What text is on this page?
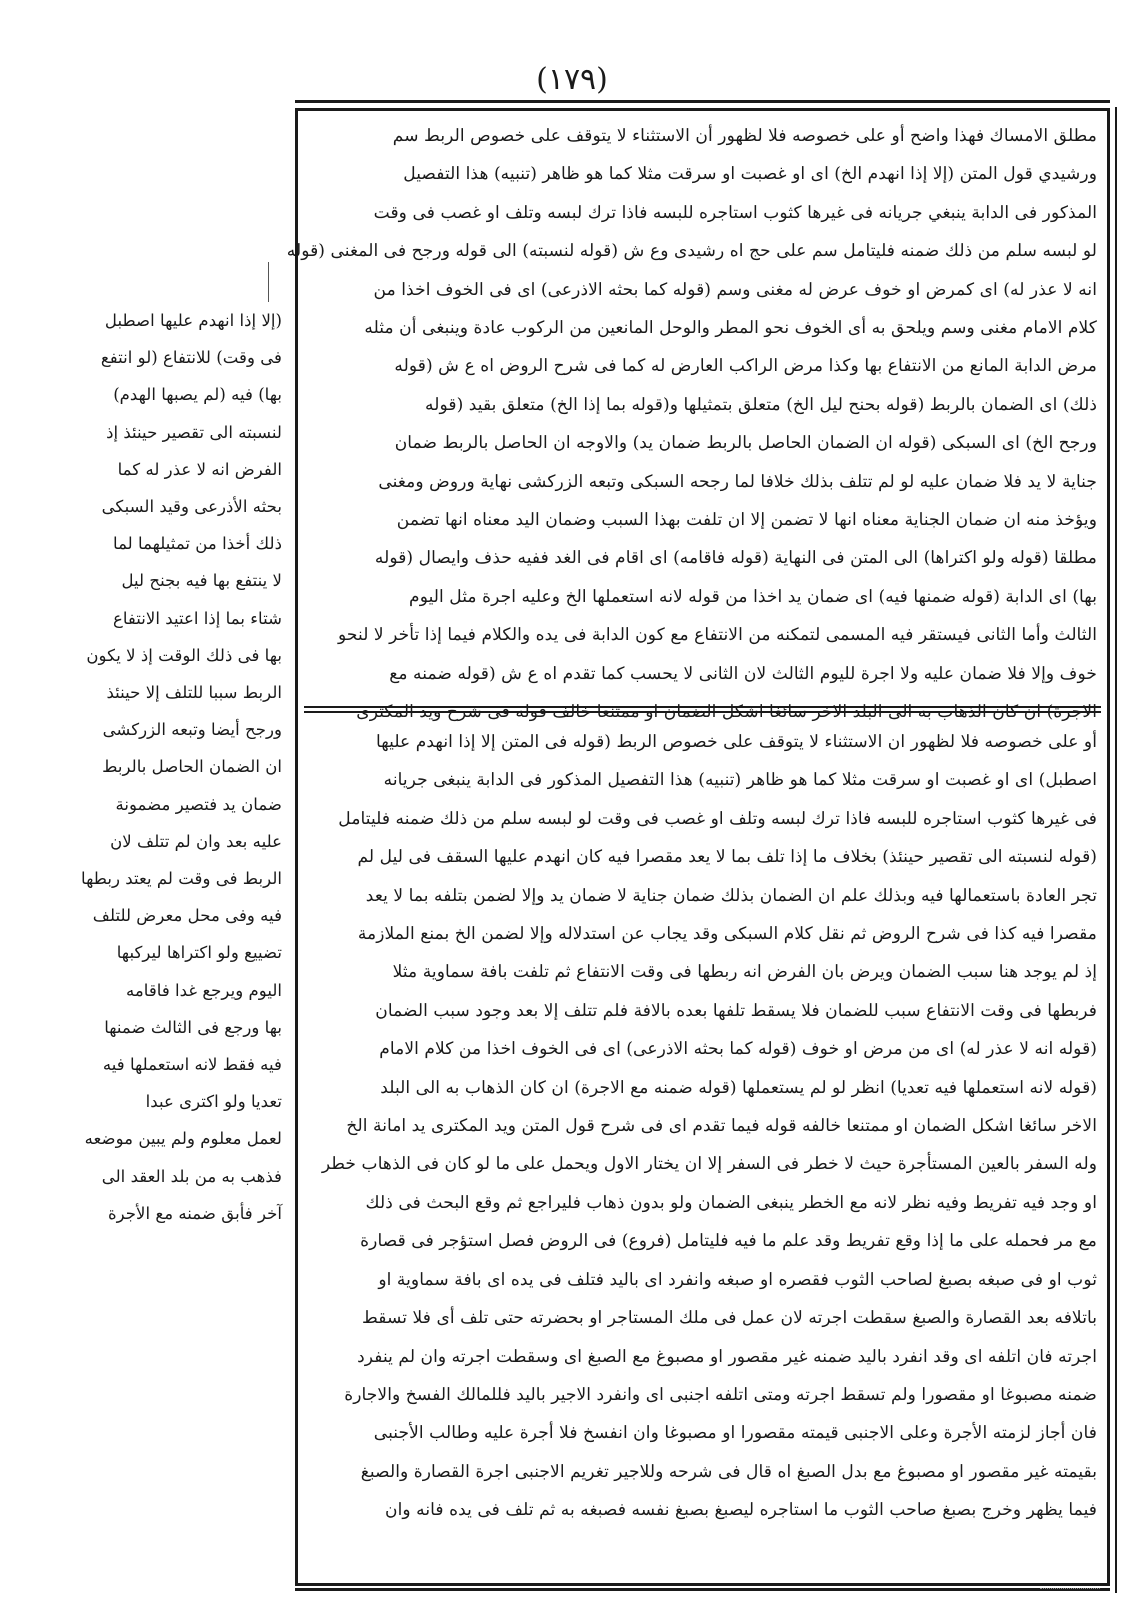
(١٧٩)

مطلق الامساك فهذا واضح أو على خصوصه فلا لظهور أن الاستثناء لا يتوقف على خصوص الربط سم

ورشيدي قول المتن (إلا إذا انهدم الخ) اى او غصبت او سرقت مثلا كما هو ظاهر (تنبيه) هذا التفصيل

المذكور فى الدابة ينبغي جريانه فى غيرها كثوب استاجره للبسه فاذا ترك لبسه وتلف او غصب فى وقت

لو لبسه سلم من ذلك ضمنه فليتامل سم على حج اه رشيدى وع ش (قوله لنسبته) الى قوله ورجح فى المغنى (قوله

انه لا عذر له) اى كمرض او خوف عرض له مغنى وسم (قوله كما بحثه الاذرعى) اى فى الخوف اخذا من

كلام الامام مغنى وسم ويلحق به أى الخوف نحو المطر والوحل المانعين من الركوب عادة وينبغى أن مثله

مرض الدابة المانع من الانتفاع بها وكذا مرض الراكب العارض له كما فى شرح الروض اه ع ش (قوله

ذلك) اى الضمان بالربط (قوله بحنح ليل الخ) متعلق بتمثيلها و(قوله بما إذا الخ) متعلق بقيد (قوله

ورجح الخ) اى السبكى (قوله ان الضمان الحاصل بالربط ضمان يد) والاوجه ان الحاصل بالربط ضمان

جناية لا يد فلا ضمان عليه لو لم تتلف بذلك خلافا لما رجحه السبكى وتبعه الزركشى نهاية وروض ومغنى

ويؤخذ منه ان ضمان الجناية معناه انها لا تضمن إلا ان تلفت بهذا السبب وضمان اليد معناه انها تضمن

مطلقا (قوله ولو اكتراها) الى المتن فى النهاية (قوله فاقامه) اى اقام فى الغد ففيه حذف وايصال (قوله

بها) اى الدابة (قوله ضمنها فيه) اى ضمان يد اخذا من قوله لانه استعملها الخ وعليه اجرة مثل اليوم

الثالث وأما الثانى فيستقر فيه المسمى لتمكنه من الانتفاع مع كون الدابة فى يده والكلام فيما إذا تأخر لا لنحو

خوف وإلا فلا ضمان عليه ولا اجرة لليوم الثالث لان الثانى لا يحسب كما تقدم اه ع ش (قوله ضمنه مع

الاجرة) ان كان الذهاب به الى البلد الاخر سائغا اشكل الضمان او ممتنعا خالف قوله فى شرح ويد المكترى

أو على خصوصه فلا لظهور ان الاستثناء لا يتوقف على خصوص الربط (قوله فى المتن إلا إذا انهدم عليها

اصطبل) اى او غصبت او سرقت مثلا كما هو ظاهر (تنبيه) هذا التفصيل المذكور فى الدابة ينبغى جريانه

فى غيرها كثوب استاجره للبسه فاذا ترك لبسه وتلف او غصب فى وقت لو لبسه سلم من ذلك ضمنه فليتامل

(قوله لنسبته الى تقصير حينئذ) بخلاف ما إذا تلف بما لا يعد مقصرا فيه كان انهدم عليها السقف فى ليل لم

تجر العادة باستعمالها فيه وبذلك علم ان الضمان بذلك ضمان جناية لا ضمان يد وإلا لضمن بتلفه بما لا يعد

مقصرا فيه كذا فى شرح الروض ثم نقل كلام السبكى وقد يجاب عن استدلاله وإلا لضمن الخ بمنع الملازمة

إذ لم يوجد هنا سبب الضمان ويرض بان الفرض انه ربطها فى وقت الانتفاع ثم تلفت بافة سماوية مثلا

فربطها فى وقت الانتفاع سبب للضمان فلا يسقط تلفها بعده بالافة فلم تتلف إلا بعد وجود سبب الضمان

(قوله انه لا عذر له) اى من مرض او خوف (قوله كما بحثه الاذرعى) اى فى الخوف اخذا من كلام الامام

(قوله لانه استعملها فيه تعديا) انظر لو لم يستعملها (قوله ضمنه مع الاجرة) ان كان الذهاب به الى البلد

الاخر سائغا اشكل الضمان او ممتنعا خالفه قوله فيما تقدم اى فى شرح قول المتن ويد المكترى يد امانة الخ

وله السفر بالعين المستأجرة حيث لا خطر فى السفر إلا ان يختار الاول ويحمل على ما لو كان فى الذهاب خطر

او وجد فيه تفريط وفيه نظر لانه مع الخطر ينبغى الضمان ولو بدون ذهاب فليراجع ثم وقع البحث فى ذلك

مع مر فحمله على ما إذا وقع تفريط وقد علم ما فيه فليتامل (فروع) فى الروض فصل استؤجر فى قصارة

ثوب او فى صبغه بصبغ لصاحب الثوب فقصره او صبغه وانفرد اى باليد فتلف فى يده اى بافة سماوية او

باتلافه بعد القصارة والصبغ سقطت اجرته لان عمل فى ملك المستاجر او بحضرته حتى تلف أى فلا تسقط

اجرته فان اتلفه اى وقد انفرد باليد ضمنه غير مقصور او مصبوغ مع الصبغ اى وسقطت اجرته وان لم ينفرد

ضمنه مصبوغا او مقصورا ولم تسقط اجرته ومتى اتلفه اجنبى اى وانفرد الاجير باليد فللمالك الفسخ والاجارة

فان أجاز لزمته الأجرة وعلى الاجنبى قيمته مقصورا او مصبوغا وان انفسخ فلا أجرة عليه وطالب الأجنبى

بقيمته غير مقصور او مصبوغ مع بدل الصبغ اه قال فى شرحه وللاجير تغريم الاجنبى اجرة القصارة والصبغ

فيما يظهر وخرج بصبغ صاحب الثوب ما استاجره ليصبغ بصبغ نفسه فصبغه به ثم تلف فى يده فانه وان

(إلا إذا انهدم عليها اصطبل

فى وقت) للانتفاع (لو انتفع

بها) فيه (لم يصبها الهدم)

لنسبته الى تقصير حينئذ إذ

الفرض انه لا عذر له كما

بحثه الأذرعى وقيد السبكى

ذلك أخذا من تمثيلهما لما

لا ينتفع بها فيه بجنح ليل

شتاء بما إذا اعتيد الانتفاع

بها فى ذلك الوقت إذ لا يكون

الربط سببا للتلف إلا حينئذ

ورجح أيضا وتبعه الزركشى

ان الضمان الحاصل بالربط

ضمان يد فتصير مضمونة

عليه بعد وان لم تتلف لان

الربط فى وقت لم يعتد ربطها

فيه وفى محل معرض للتلف

تضييع ولو اكتراها ليركبها

اليوم ويرجع غدا فاقامه

بها ورجع فى الثالث ضمنها

فيه فقط لانه استعملها فيه

تعديا ولو اكترى عبدا

لعمل معلوم ولم يبين موضعه

فذهب به من بلد العقد الى

آخر فأبق ضمنه مع الأجرة
